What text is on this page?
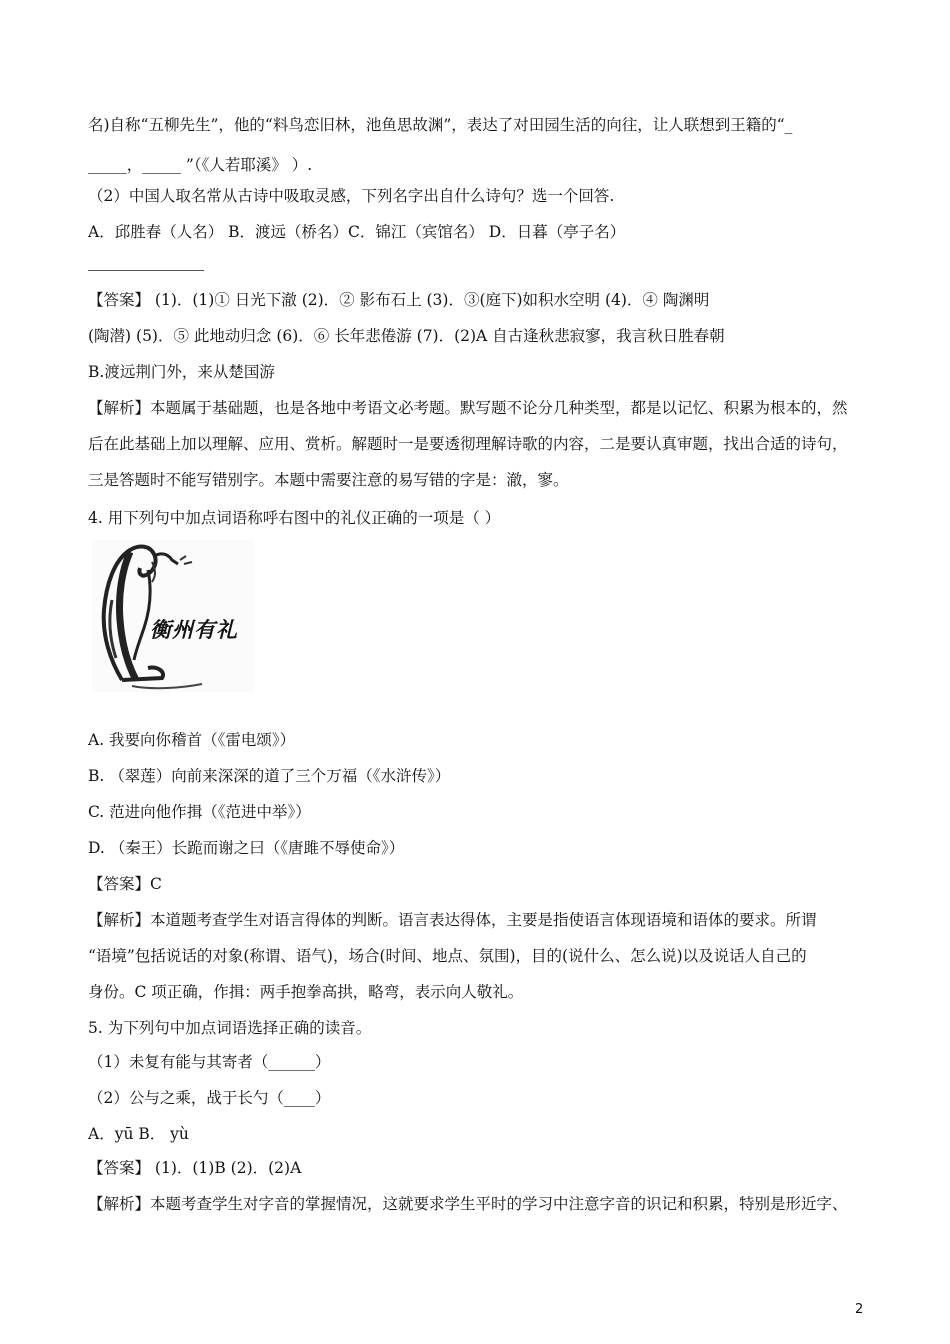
名)自称“五柳先生”，他的“料鸟恋旧林，池鱼思故渊”，表达了对田园生活的向往，让人联想到王籍的“_
_____，_____ ”（《人若耶溪》 ）.
（2）中国人取名常从古诗中吸取灵感，下列名字出自什么诗句？选一个回答.
A．邱胜春（人名） B．渡远（桥名）C．锦江（宾馆名） D．日暮（亭子名）
【答案】 (1)．(1)① 日光下澈 (2)．② 影布石上 (3)．③(庭下)如积水空明 (4)．④ 陶渊明
(陶潜) (5)．⑤ 此地动归念 (6)．⑥ 长年悲倦游 (7)．(2)A 自古逢秋悲寂寥，我言秋日胜春朝
B.渡远荆门外，来从楚国游
【解析】本题属于基础题，也是各地中考语文必考题。默写题不论分几种类型，都是以记忆、积累为根本的，然
后在此基础上加以理解、应用、赏析。解题时一是要透彻理解诗歌的内容，二是要认真审题，找出合适的诗句，
三是答题时不能写错别字。本题中需要注意的易写错的字是：澈，寥。
4. 用下列句中加点词语称呼右图中的礼仪正确的一项是（ ）
衡州有礼
A. 我要向你稽首（《雷电颂》）
B. （翠莲）向前来深深的道了三个万福（《水浒传》）
C. 范进向他作揖（《范进中举》）
D. （秦王）长跪而谢之曰（《唐雎不辱使命》）
【答案】C
【解析】本道题考查学生对语言得体的判断。语言表达得体，主要是指使语言体现语境和语体的要求。所谓
“语境”包括说话的对象(称谓、语气)，场合(时间、地点、氛围)，目的(说什么、怎么说)以及说话人自己的
身份。C 项正确，作揖：两手抱拳高拱，略弯，表示向人敬礼。
5. 为下列句中加点词语选择正确的读音。
（1）未复有能与其寄者（______）
（2）公与之乘，战于长勺（____）
A．yū B． yù
【答案】 (1)．(1)B (2)．(2)A
【解析】本题考查学生对字音的掌握情况，这就要求学生平时的学习中注意字音的识记和积累，特别是形近字、
2
